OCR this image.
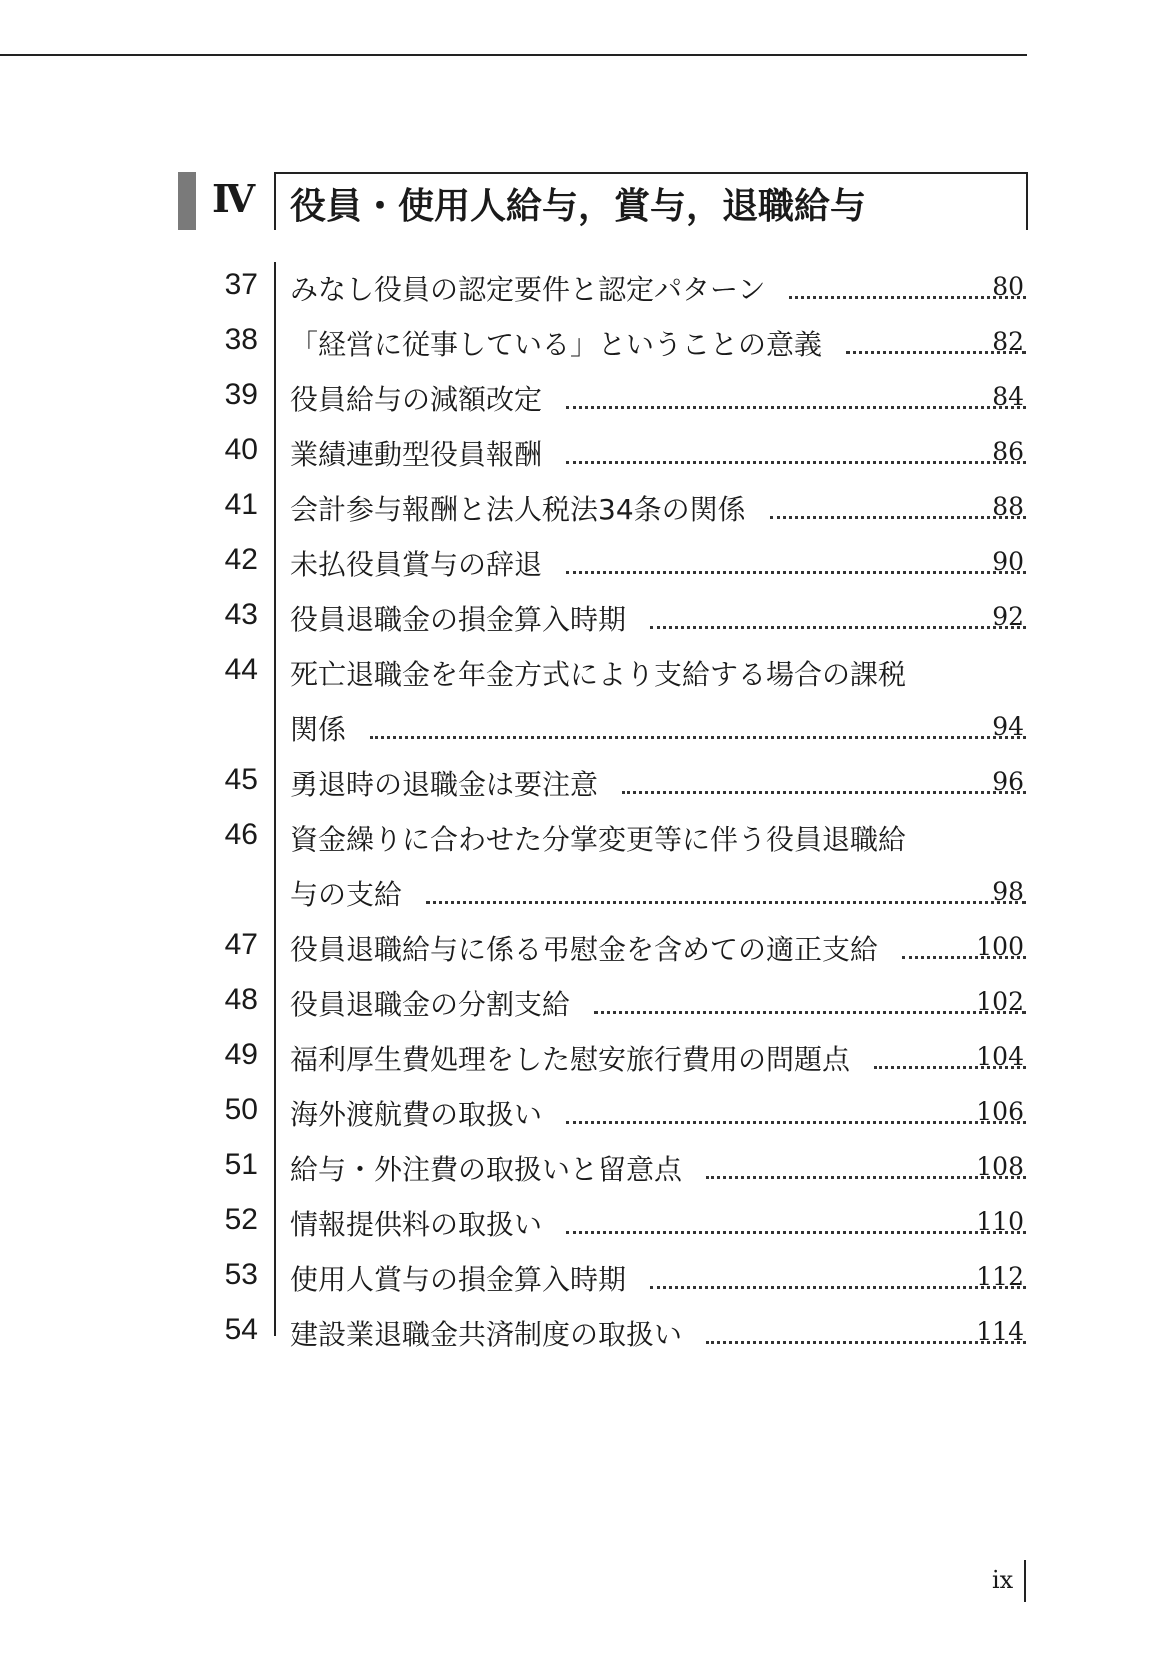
Ⅳ 役員・使用人給与，賞与，退職給与
37 みなし役員の認定要件と認定パターン	80
38 「経営に従事している」ということの意義	82
39 役員給与の減額改定	84
40 業績連動型役員報酬	86
41 会計参与報酬と法人税法34条の関係	88
42 未払役員賞与の辞退	90
43 役員退職金の損金算入時期	92
44 死亡退職金を年金方式により支給する場合の課税
関係	94
45 勇退時の退職金は要注意	96
46 資金繰りに合わせた分掌変更等に伴う役員退職給
与の支給	98
47 役員退職給与に係る弔慰金を含めての適正支給	100
48 役員退職金の分割支給	102
49 福利厚生費処理をした慰安旅行費用の問題点	104
50 海外渡航費の取扱い	106
51 給与・外注費の取扱いと留意点	108
52 情報提供料の取扱い	110
53 使用人賞与の損金算入時期	112
54 建設業退職金共済制度の取扱い	114
ix
